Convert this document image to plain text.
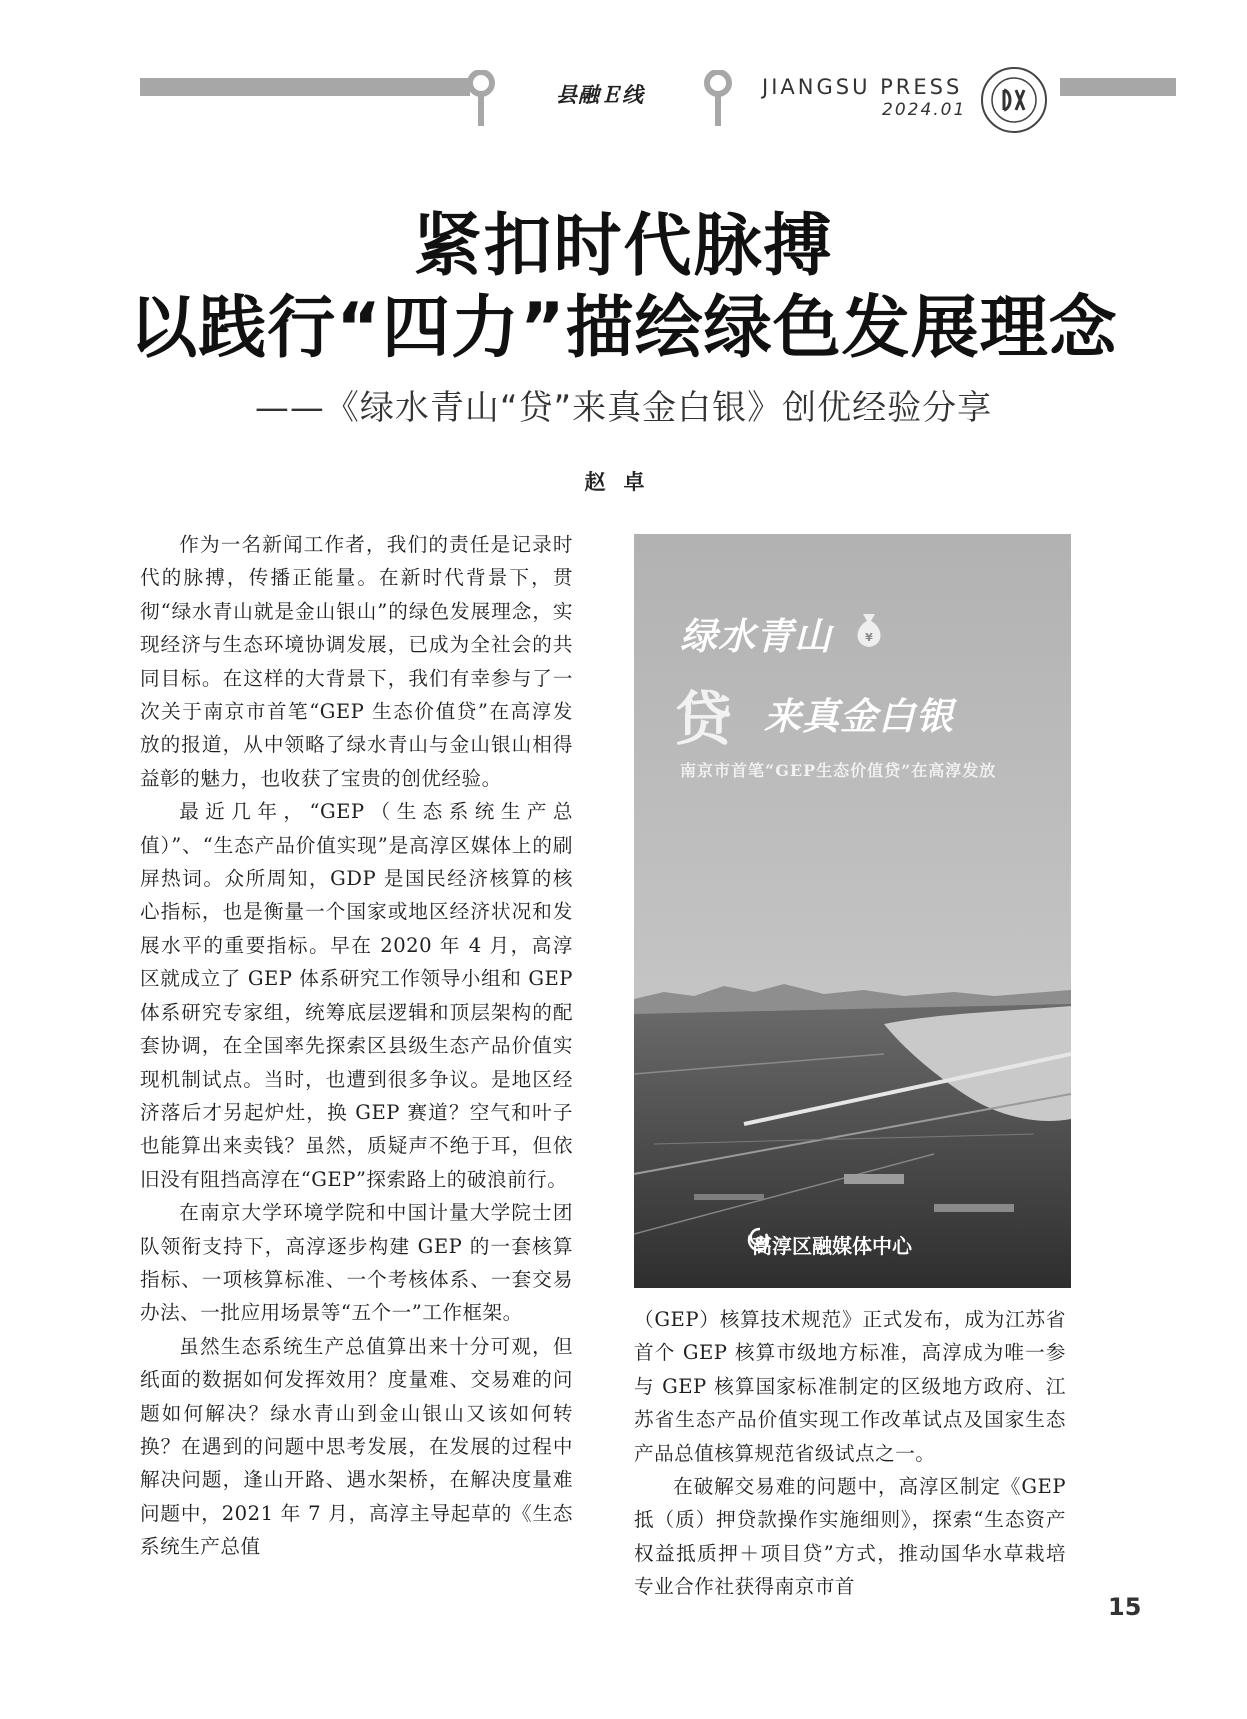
县融Ｅ线	JIANGSU PRESS
2024.01
紧扣时代脉搏
以践行“四力”描绘绿色发展理念
——《绿水青山“贷”来真金白银》创优经验分享
赵卓

作为一名新闻工作者，我们的责任是记录时代的脉搏，传播正能量。在新时代背景下，贯彻“绿水青山就是金山银山”的绿色发展理念，实现经济与生态环境协调发展，已成为全社会的共同目标。在这样的大背景下，我们有幸参与了一次关于南京市首笔“GEP 生态价值贷”在高淳发放的报道，从中领略了绿水青山与金山银山相得益彰的魅力，也收获了宝贵的创优经验。

最近几年，“GEP（生态系统生产总值）”、“生态产品价值实现”是高淳区媒体上的刷屏热词。众所周知，GDP 是国民经济核算的核心指标，也是衡量一个国家或地区经济状况和发展水平的重要指标。早在 2020 年 4 月，高淳区就成立了 GEP 体系研究工作领导小组和 GEP 体系研究专家组，统筹底层逻辑和顶层架构的配套协调，在全国率先探索区县级生态产品价值实现机制试点。当时，也遭到很多争议。是地区经济落后才另起炉灶，换 GEP 赛道？空气和叶子也能算出来卖钱？虽然，质疑声不绝于耳，但依旧没有阻挡高淳在“GEP”探索路上的破浪前行。

在南京大学环境学院和中国计量大学院士团队领衔支持下，高淳逐步构建 GEP 的一套核算指标、一项核算标准、一个考核体系、一套交易办法、一批应用场景等“五个一”工作框架。

虽然生态系统生产总值算出来十分可观，但纸面的数据如何发挥效用？度量难、交易难的问题如何解决？绿水青山到金山银山又该如何转换？在遇到的问题中思考发展，在发展的过程中解决问题，逢山开路、遇水架桥，在解决度量难问题中，2021 年 7 月，高淳主导起草的《生态系统生产总值

绿水青山	¥
贷 来真金白银
南京市首笔“GEP生态价值贷”在高淳发放
高淳区融媒体中心

（GEP）核算技术规范》正式发布，成为江苏省首个 GEP 核算市级地方标准，高淳成为唯一参与 GEP 核算国家标准制定的区级地方政府、江苏省生态产品价值实现工作改革试点及国家生态产品总值核算规范省级试点之一。

在破解交易难的问题中，高淳区制定《GEP 抵（质）押贷款操作实施细则》，探索“生态资产权益抵质押＋项目贷”方式，推动国华水草栽培专业合作社获得南京市首

15
